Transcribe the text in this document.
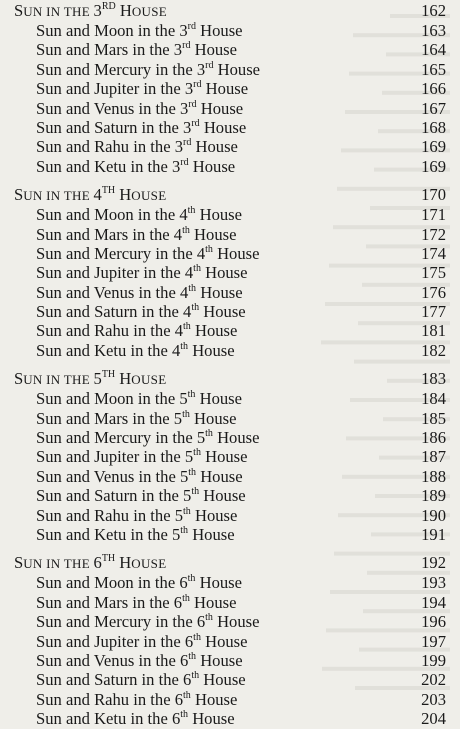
SUN IN THE 3RD HOUSE	162
Sun and Moon in the 3rd House	163
Sun and Mars in the 3rd House	164
Sun and Mercury in the 3rd House	165
Sun and Jupiter in the 3rd House	166
Sun and Venus in the 3rd House	167
Sun and Saturn in the 3rd House	168
Sun and Rahu in the 3rd House	169
Sun and Ketu in the 3rd House	169
SUN IN THE 4TH HOUSE	170
Sun and Moon in the 4th House	171
Sun and Mars in the 4th House	172
Sun and Mercury in the 4th House	174
Sun and Jupiter in the 4th House	175
Sun and Venus in the 4th House	176
Sun and Saturn in the 4th House	177
Sun and Rahu in the 4th House	181
Sun and Ketu in the 4th House	182
SUN IN THE 5TH HOUSE	183
Sun and Moon in the 5th House	184
Sun and Mars in the 5th House	185
Sun and Mercury in the 5th House	186
Sun and Jupiter in the 5th House	187
Sun and Venus in the 5th House	188
Sun and Saturn in the 5th House	189
Sun and Rahu in the 5th House	190
Sun and Ketu in the 5th House	191
SUN IN THE 6TH HOUSE	192
Sun and Moon in the 6th House	193
Sun and Mars in the 6th House	194
Sun and Mercury in the 6th House	196
Sun and Jupiter in the 6th House	197
Sun and Venus in the 6th House	199
Sun and Saturn in the 6th House	202
Sun and Rahu in the 6th House	203
Sun and Ketu in the 6th House	204
